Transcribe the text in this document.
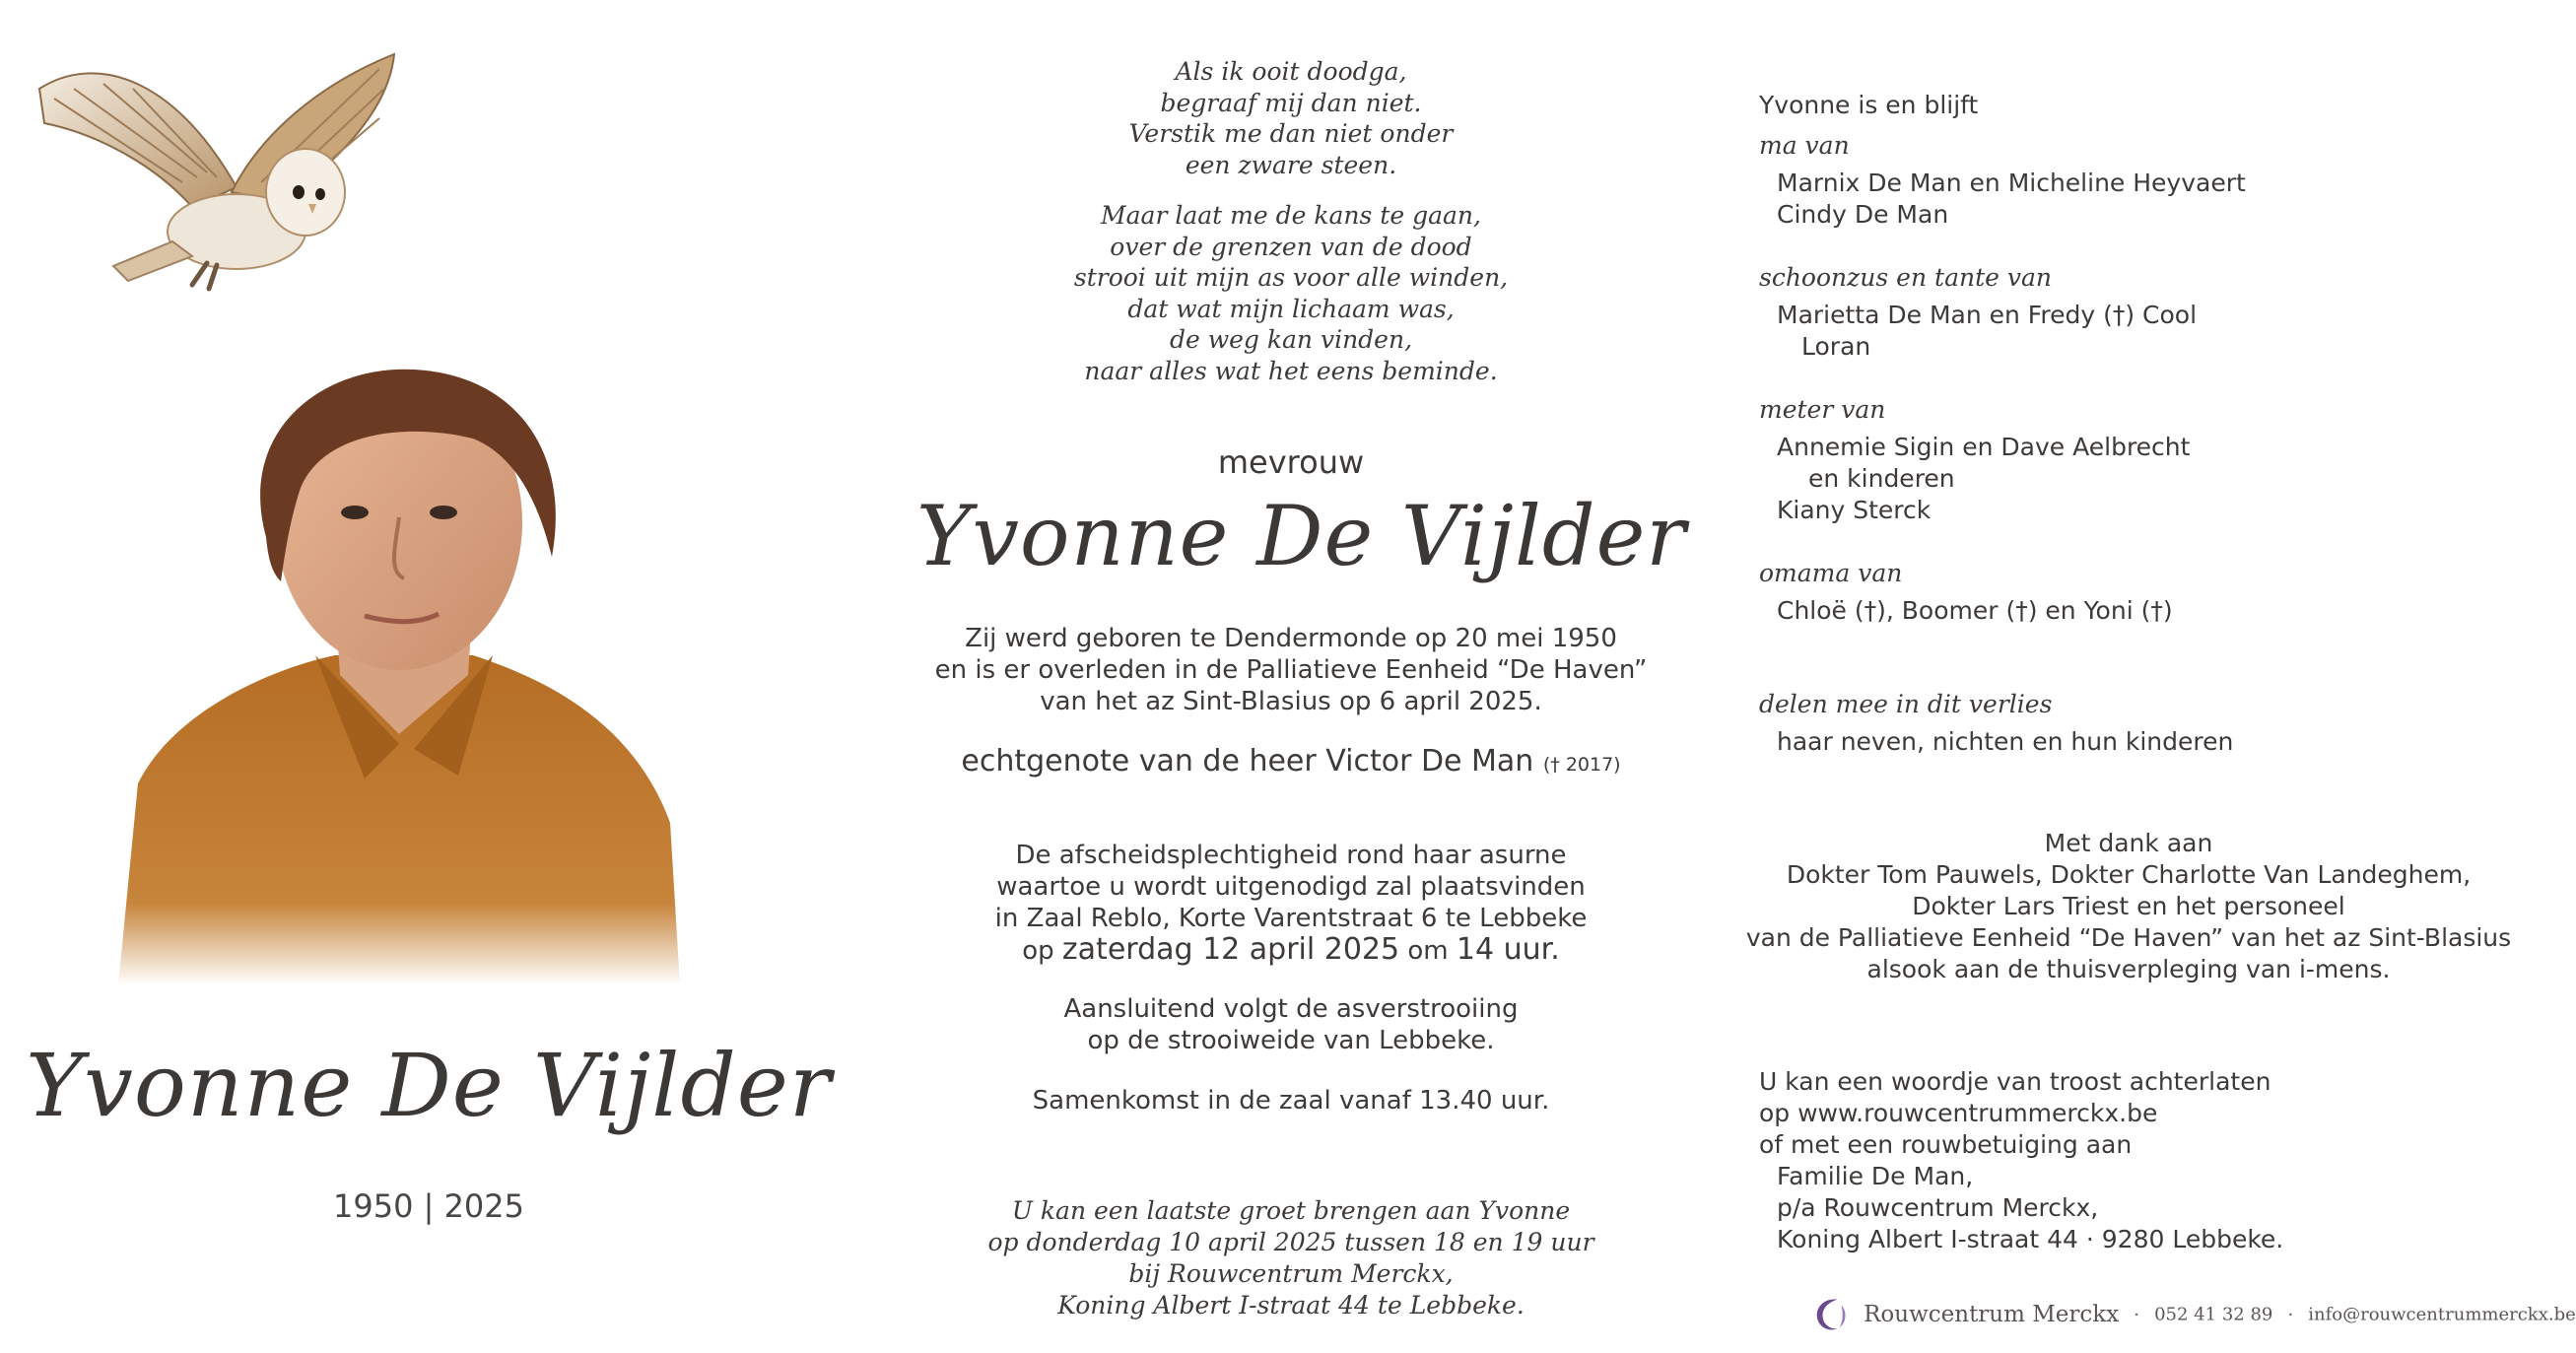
Yvonne De Vijlder
1950 | 2025

Als ik ooit doodga,

begraaf mij dan niet.

Verstik me dan niet onder

een zware steen.

Maar laat me de kans te gaan,

over de grenzen van de dood

strooi uit mijn as voor alle winden,

dat wat mijn lichaam was,

de weg kan vinden,

naar alles wat het eens beminde.

mevrouw
Yvonne De Vijlder
Zij werd geboren te Dendermonde op 20 mei 1950
en is er overleden in de Palliatieve Eenheid “De Haven”
van het az Sint-Blasius op 6 april 2025.
echtgenote van de heer Victor De Man († 2017)
De afscheidsplechtigheid rond haar asurne
waartoe u wordt uitgenodigd zal plaatsvinden
in Zaal Reblo, Korte Varentstraat 6 te Lebbeke
op zaterdag 12 april 2025 om 14 uur.
Aansluitend volgt de asverstrooiing
op de strooiweide van Lebbeke.
Samenkomst in de zaal vanaf 13.40 uur.
U kan een laatste groet brengen aan Yvonne
op donderdag 10 april 2025 tussen 18 en 19 uur
bij Rouwcentrum Merckx,
Koning Albert I-straat 44 te Lebbeke.
Yvonne is en blijft
ma van
Marnix De Man en Micheline Heyvaert
Cindy De Man
schoonzus en tante van
Marietta De Man en Fredy (†) Cool
Loran
meter van
Annemie Sigin en Dave Aelbrecht
en kinderen
Kiany Sterck
omama van
Chloë (†), Boomer (†) en Yoni (†)
delen mee in dit verlies
haar neven, nichten en hun kinderen
Met dank aan
Dokter Tom Pauwels, Dokter Charlotte Van Landeghem,
Dokter Lars Triest en het personeel
van de Palliatieve Eenheid “De Haven” van het az Sint-Blasius
alsook aan de thuisverpleging van i-mens.
U kan een woordje van troost achterlaten
op www.rouwcentrummerckx.be
of met een rouwbetuiging aan
Familie De Man,
p/a Rouwcentrum Merckx,
Koning Albert I-straat 44 · 9280 Lebbeke.
Rouwcentrum Merckx · 052 41 32 89 · info@rouwcentrummerckx.be
